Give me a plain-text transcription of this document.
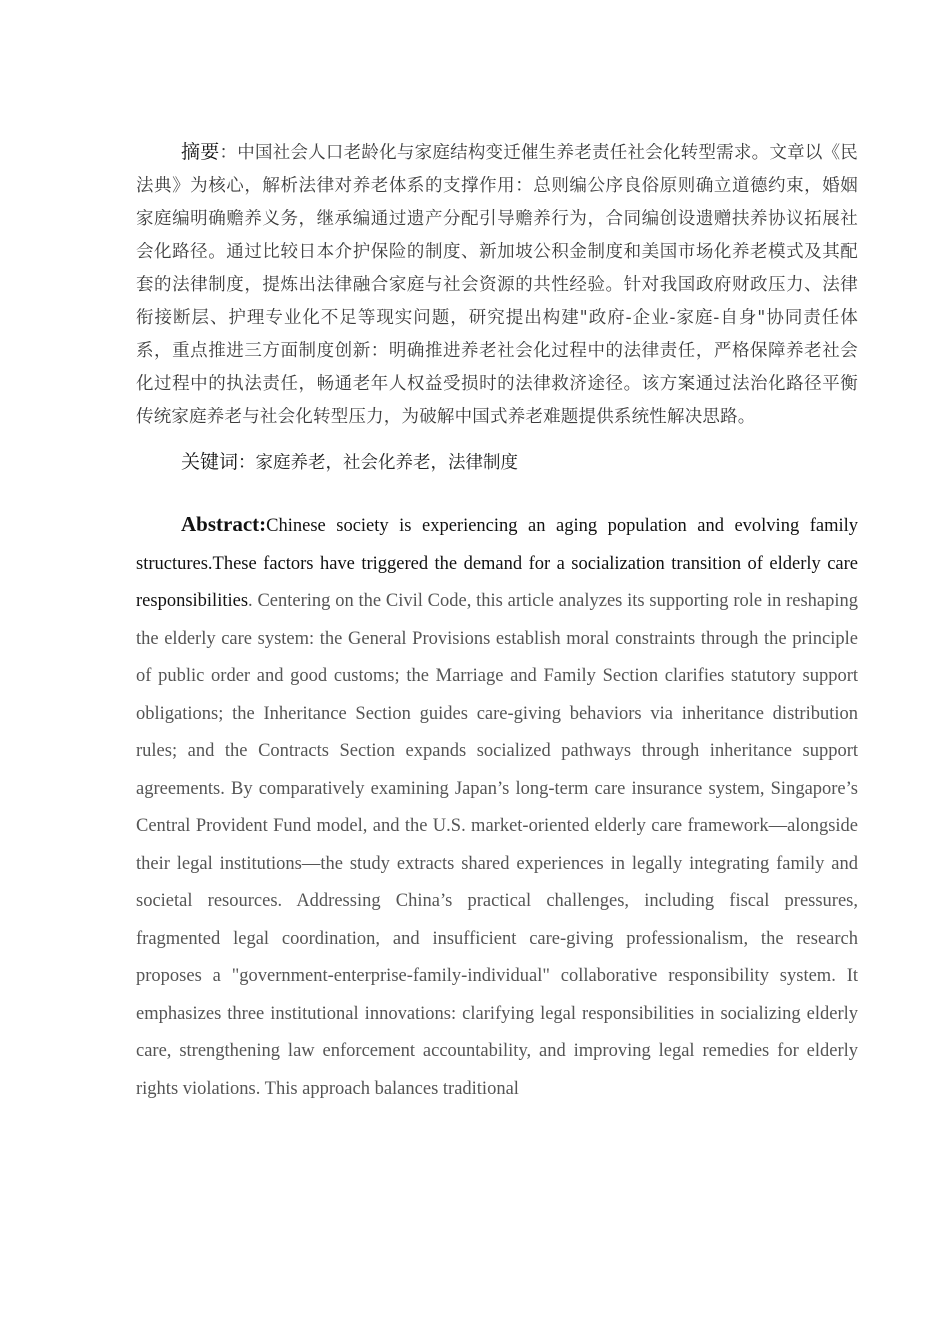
摘要：中国社会人口老龄化与家庭结构变迁催生养老责任社会化转型需求。文章以《民法典》为核心，解析法律对养老体系的支撑作用：总则编公序良俗原则确立道德约束，婚姻家庭编明确赡养义务，继承编通过遗产分配引导赡养行为，合同编创设遗赠扶养协议拓展社会化路径。通过比较日本介护保险的制度、新加坡公积金制度和美国市场化养老模式及其配套的法律制度，提炼出法律融合家庭与社会资源的共性经验。针对我国政府财政压力、法律衔接断层、护理专业化不足等现实问题，研究提出构建"政府-企业-家庭-自身"协同责任体系，重点推进三方面制度创新：明确推进养老社会化过程中的法律责任，严格保障养老社会化过程中的执法责任，畅通老年人权益受损时的法律救济途径。该方案通过法治化路径平衡传统家庭养老与社会化转型压力，为破解中国式养老难题提供系统性解决思路。

关键词：家庭养老，社会化养老，法律制度

Abstract:Chinese society is experiencing an aging population and evolving family structures.These factors have triggered the demand for a socialization transition of elderly care responsibilities. Centering on the Civil Code, this article analyzes its supporting role in reshaping the elderly care system: the General Provisions establish moral constraints through the principle of public order and good customs; the Marriage and Family Section clarifies statutory support obligations; the Inheritance Section guides care-giving behaviors via inheritance distribution rules; and the Contracts Section expands socialized pathways through inheritance support agreements. By comparatively examining Japan’s long-term care insurance system, Singapore’s Central Provident Fund model, and the U.S. market-oriented elderly care framework—alongside their legal institutions—the study extracts shared experiences in legally integrating family and societal resources. Addressing China’s practical challenges, including fiscal pressures, fragmented legal coordination, and insufficient care-giving professionalism, the research proposes a "government-enterprise-family-individual" collaborative responsibility system. It emphasizes three institutional innovations: clarifying legal responsibilities in socializing elderly care, strengthening law enforcement accountability, and improving legal remedies for elderly rights violations. This approach balances traditional
